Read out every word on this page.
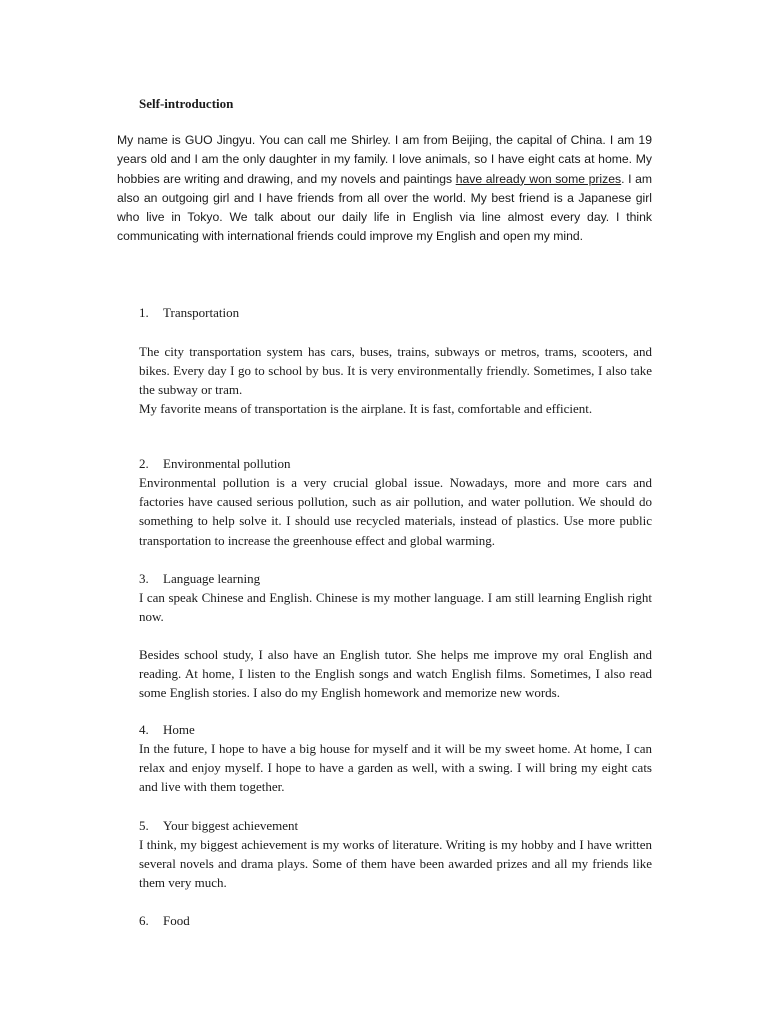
Self-introduction

My name is GUO Jingyu. You can call me Shirley. I am from Beijing, the capital of China. I am 19 years old and I am the only daughter in my family. I love animals, so I have eight cats at home. My hobbies are writing and drawing, and my novels and paintings have already won some prizes. I am also an outgoing girl and I have friends from all over the world. My best friend is a Japanese girl who live in Tokyo. We talk about our daily life in English via line almost every day. I think communicating with international friends could improve my English and open my mind.

1. Transportation

The city transportation system has cars, buses, trains, subways or metros, trams, scooters, and bikes. Every day I go to school by bus. It is very environmentally friendly. Sometimes, I also take the subway or tram.

My favorite means of transportation is the airplane. It is fast, comfortable and efficient.

2. Environmental pollution

Environmental pollution is a very crucial global issue. Nowadays, more and more cars and factories have caused serious pollution, such as air pollution, and water pollution. We should do something to help solve it. I should use recycled materials, instead of plastics. Use more public transportation to increase the greenhouse effect and global warming.

3. Language learning

I can speak Chinese and English. Chinese is my mother language. I am still learning English right now.

Besides school study, I also have an English tutor. She helps me improve my oral English and reading. At home, I listen to the English songs and watch English films. Sometimes, I also read some English stories. I also do my English homework and memorize new words.

4. Home

In the future, I hope to have a big house for myself and it will be my sweet home. At home, I can relax and enjoy myself. I hope to have a garden as well, with a swing. I will bring my eight cats and live with them together.

5. Your biggest achievement

I think, my biggest achievement is my works of literature. Writing is my hobby and I have written several novels and drama plays. Some of them have been awarded prizes and all my friends like them very much.

6. Food
